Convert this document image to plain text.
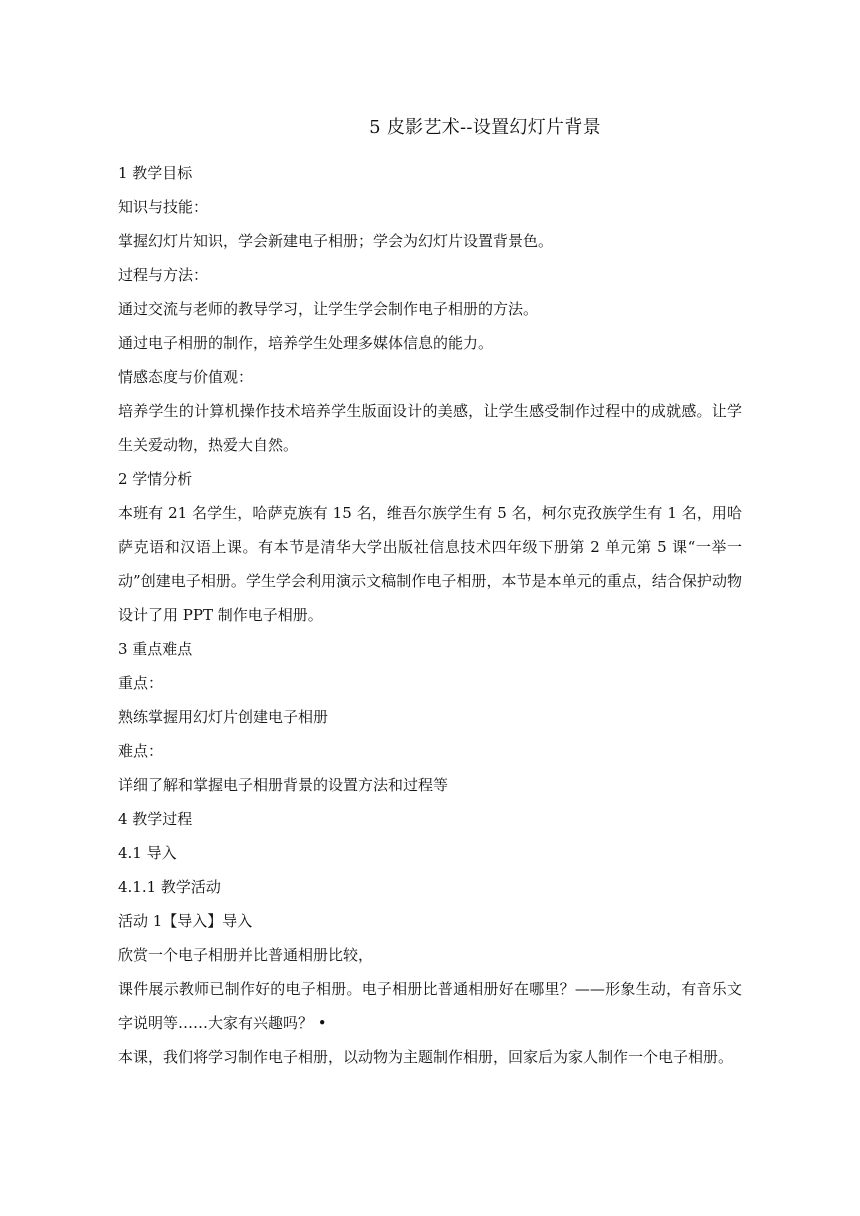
5 皮影艺术--设置幻灯片背景
1 教学目标
知识与技能：
掌握幻灯片知识，学会新建电子相册；学会为幻灯片设置背景色。
过程与方法：
通过交流与老师的教导学习，让学生学会制作电子相册的方法。
通过电子相册的制作，培养学生处理多媒体信息的能力。
情感态度与价值观：
培养学生的计算机操作技术培养学生版面设计的美感，让学生感受制作过程中的成就感。让学生关爱动物，热爱大自然。
2 学情分析
本班有 21 名学生，哈萨克族有 15 名，维吾尔族学生有 5 名，柯尔克孜族学生有 1 名，用哈萨克语和汉语上课。有本节是清华大学出版社信息技术四年级下册第 2 单元第 5 课“一举一动”创建电子相册。学生学会利用演示文稿制作电子相册，本节是本单元的重点，结合保护动物设计了用 PPT 制作电子相册。
3 重点难点
重点：
熟练掌握用幻灯片创建电子相册
难点：
详细了解和掌握电子相册背景的设置方法和过程等
4 教学过程
4.1 导入
4.1.1 教学活动
活动 1【导入】导入
欣赏一个电子相册并比普通相册比较，
课件展示教师已制作好的电子相册。电子相册比普通相册好在哪里？——形象生动，有音乐文字说明等……大家有兴趣吗？ •
本课，我们将学习制作电子相册，以动物为主题制作相册，回家后为家人制作一个电子相册。
